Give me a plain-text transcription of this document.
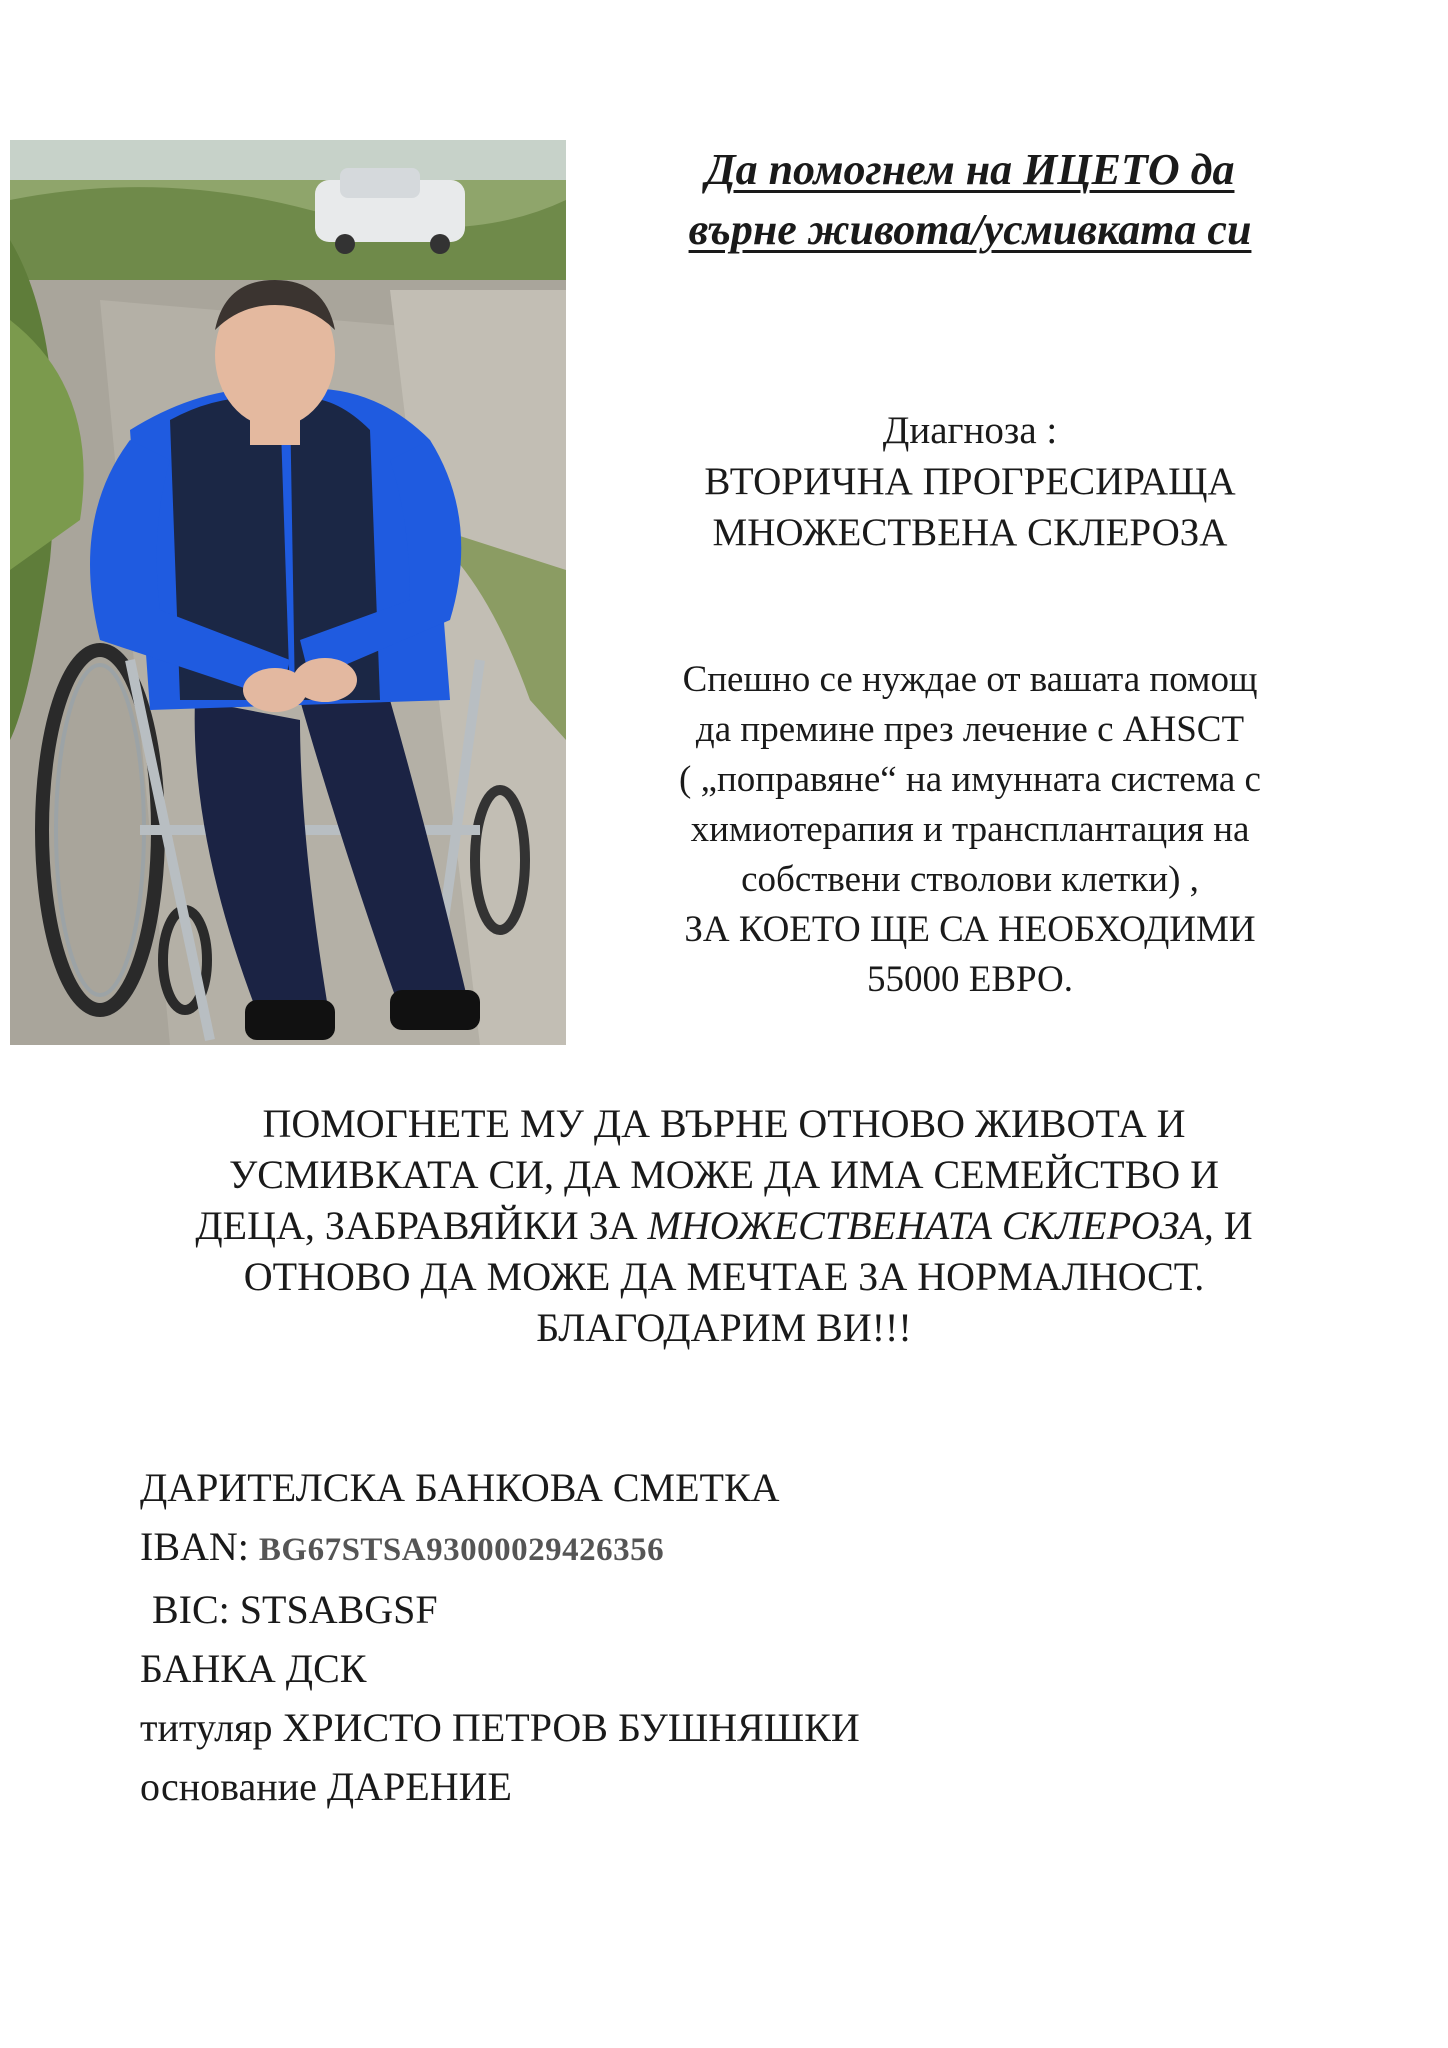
Да помогнем на ИЦЕТО да
върне живота/усмивката си
Диагноза :
ВТОРИЧНА ПРОГРЕСИРАЩА
МНОЖЕСТВЕНА СКЛЕРОЗА
Спешно се нуждае от вашата помощ
да премине през лечение с AHSCT
( „поправяне“ на имунната система с
химиотерапия и трансплантация на
собствени стволови клетки) ,
ЗА КОЕТО ЩЕ СА НЕОБХОДИМИ
55000 ЕВРО.
ПОМОГНЕТЕ МУ ДА ВЪРНЕ ОТНОВО ЖИВОТА И
УСМИВКАТА СИ, ДА МОЖЕ ДА ИМА СЕМЕЙСТВО И
ДЕЦА, ЗАБРАВЯЙКИ ЗА МНОЖЕСТВЕНАТА СКЛЕРОЗА, И
ОТНОВО ДА МОЖЕ ДА МЕЧТАЕ ЗА НОРМАЛНОСТ.
БЛАГОДАРИМ ВИ!!!
ДАРИТЕЛСКА БАНКОВА СМЕТКА
IBAN: BG67STSA93000029426356
BIC: STSABGSF
БАНКА ДСК
титуляр ХРИСТО ПЕТРОВ БУШНЯШКИ
основание ДАРЕНИЕ
